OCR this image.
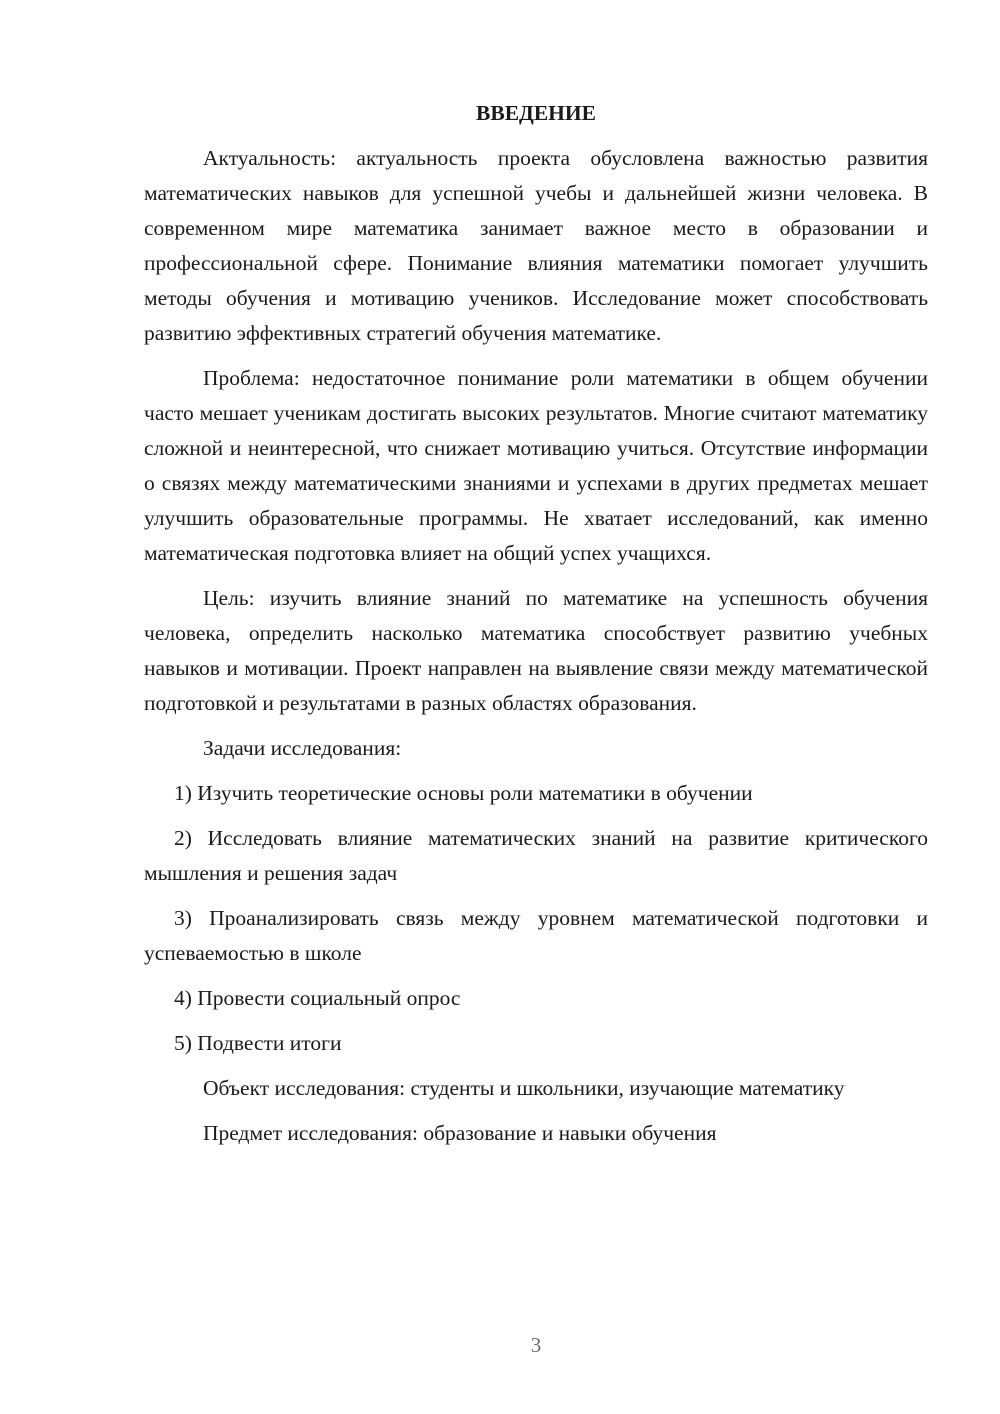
ВВЕДЕНИЕ

Актуальность: актуальность проекта обусловлена важностью развития математических навыков для успешной учебы и дальнейшей жизни человека. В современном мире математика занимает важное место в образовании и профессиональной сфере. Понимание влияния математики помогает улучшить методы обучения и мотивацию учеников. Исследование может способствовать развитию эффективных стратегий обучения математике.

Проблема: недостаточное понимание роли математики в общем обучении часто мешает ученикам достигать высоких результатов. Многие считают математику сложной и неинтересной, что снижает мотивацию учиться. Отсутствие информации о связях между математическими знаниями и успехами в других предметах мешает улучшить образовательные программы. Не хватает исследований, как именно математическая подготовка влияет на общий успех учащихся.

Цель: изучить влияние знаний по математике на успешность обучения человека, определить насколько математика способствует развитию учебных навыков и мотивации. Проект направлен на выявление связи между математической подготовкой и результатами в разных областях образования.

Задачи исследования:

1) Изучить теоретические основы роли математики в обучении

2) Исследовать влияние математических знаний на развитие критического мышления и решения задач

3) Проанализировать связь между уровнем математической подготовки и успеваемостью в школе

4) Провести социальный опрос

5) Подвести итоги

Объект исследования: студенты и школьники, изучающие математику

Предмет исследования: образование и навыки обучения

3
